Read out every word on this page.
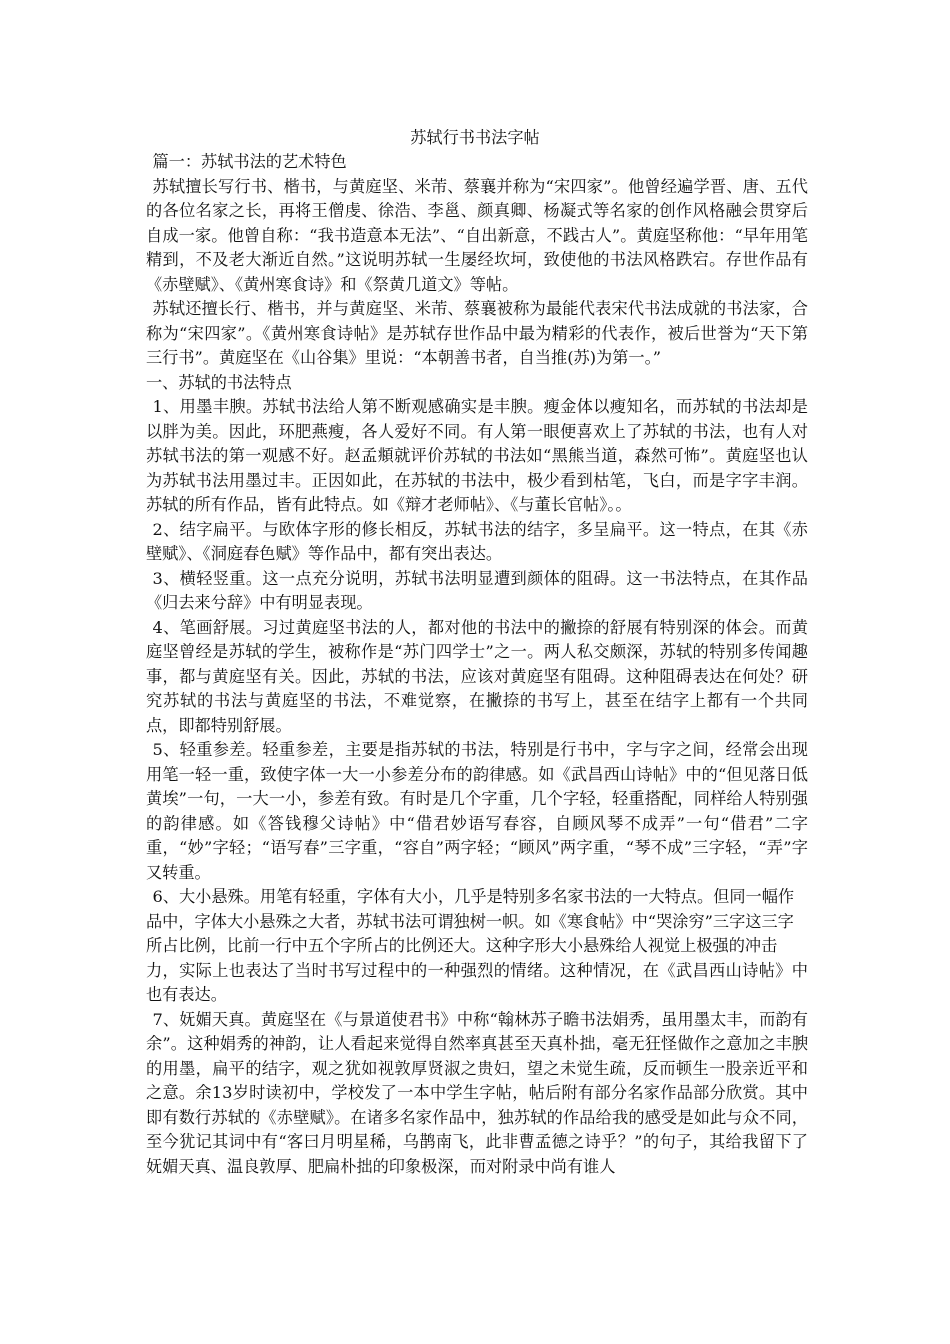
苏轼行书书法字帖

篇一：苏轼书法的艺术特色

苏轼擅长写行书、楷书，与黄庭坚、米芾、蔡襄并称为“宋四家”。他曾经遍学晋、唐、五代的各位名家之长，再将王僧虔、徐浩、李邕、颜真卿、杨凝式等名家的创作风格融会贯穿后自成一家。他曾自称：“我书造意本无法”、“自出新意，不践古人”。黄庭坚称他：“早年用笔精到，不及老大渐近自然。”这说明苏轼一生屡经坎坷，致使他的书法风格跌宕。存世作品有《赤壁赋》、《黄州寒食诗》和《祭黄几道文》等帖。

苏轼还擅长行、楷书，并与黄庭坚、米芾、蔡襄被称为最能代表宋代书法成就的书法家，合称为“宋四家”。《黄州寒食诗帖》是苏轼存世作品中最为精彩的代表作，被后世誉为“天下第三行书”。黄庭坚在《山谷集》里说：“本朝善书者，自当推(苏)为第一。”

一、苏轼的书法特点

1、用墨丰腴。苏轼书法给人第不断观感确实是丰腴。瘦金体以瘦知名，而苏轼的书法却是以胖为美。因此，环肥燕瘦，各人爱好不同。有人第一眼便喜欢上了苏轼的书法，也有人对苏轼书法的第一观感不好。赵孟頫就评价苏轼的书法如“黑熊当道，森然可怖”。黄庭坚也认为苏轼书法用墨过丰。正因如此，在苏轼的书法中，极少看到枯笔，飞白，而是字字丰润。苏轼的所有作品，皆有此特点。如《辩才老师帖》、《与董长官帖》。。

2、结字扁平。与欧体字形的修长相反，苏轼书法的结字，多呈扁平。这一特点，在其《赤壁赋》、《洞庭春色赋》等作品中，都有突出表达。

3、横轻竖重。这一点充分说明，苏轼书法明显遭到颜体的阻碍。这一书法特点，在其作品《归去来兮辞》中有明显表现。

4、笔画舒展。习过黄庭坚书法的人，都对他的书法中的撇捺的舒展有特别深的体会。而黄庭坚曾经是苏轼的学生，被称作是“苏门四学士”之一。两人私交颇深，苏轼的特别多传闻趣事，都与黄庭坚有关。因此，苏轼的书法，应该对黄庭坚有阻碍。这种阻碍表达在何处？研究苏轼的书法与黄庭坚的书法，不难觉察，在撇捺的书写上，甚至在结字上都有一个共同点，即都特别舒展。

5、轻重参差。轻重参差，主要是指苏轼的书法，特别是行书中，字与字之间，经常会出现用笔一轻一重，致使字体一大一小参差分布的韵律感。如《武昌西山诗帖》中的“但见落日低黄埃”一句，一大一小，参差有致。有时是几个字重，几个字轻，轻重搭配，同样给人特别强的韵律感。如《答钱穆父诗帖》中“借君妙语写春容，自顾风琴不成弄”一句“借君”二字重，“妙”字轻；“语写春”三字重，“容自”两字轻；“顾风”两字重，“琴不成”三字轻，“弄”字又转重。

6、大小悬殊。用笔有轻重，字体有大小，几乎是特别多名家书法的一大特点。但同一幅作品中，字体大小悬殊之大者，苏轼书法可谓独树一帜。如《寒食帖》中“哭涂穷”三字这三字所占比例，比前一行中五个字所占的比例还大。这种字形大小悬殊给人视觉上极强的冲击

力，实际上也表达了当时书写过程中的一种强烈的情绪。这种情况，在《武昌西山诗帖》中也有表达。

7、妩媚天真。黄庭坚在《与景道使君书》中称“翰林苏子瞻书法娟秀，虽用墨太丰，而韵有余”。这种娟秀的神韵，让人看起来觉得自然率真甚至天真朴拙，毫无狂怪做作之意加之丰腴的用墨，扁平的结字，观之犹如视敦厚贤淑之贵妇，望之未觉生疏，反而顿生一股亲近平和之意。余13岁时读初中，学校发了一本中学生字帖，帖后附有部分名家作品部分欣赏。其中即有数行苏轼的《赤壁赋》。在诸多名家作品中，独苏轼的作品给我的感受是如此与众不同，至今犹记其词中有“客曰月明星稀，乌鹊南飞，此非曹孟德之诗乎？”的句子，其给我留下了妩媚天真、温良敦厚、肥扁朴拙的印象极深，而对附录中尚有谁人
